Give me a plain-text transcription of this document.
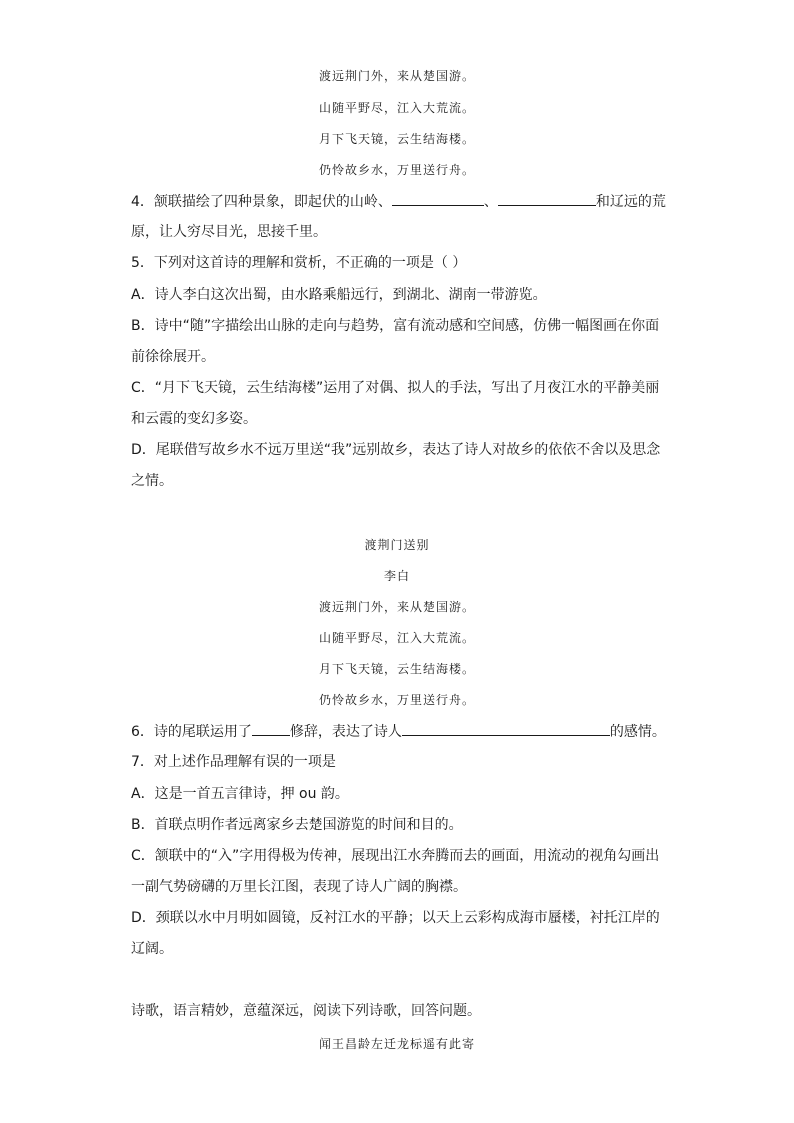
渡远荆门外，来从楚国游。
山随平野尽，江入大荒流。
月下飞天镜，云生结海楼。
仍怜故乡水，万里送行舟。
4．颔联描绘了四种景象，即起伏的山岭、	、	和辽远的荒
原，让人穷尽目光，思接千里。
5．下列对这首诗的理解和赏析，不正确的一项是（ ）
A．诗人李白这次出蜀，由水路乘船远行，到湖北、湖南一带游览。
B．诗中“随”字描绘出山脉的走向与趋势，富有流动感和空间感，仿佛一幅图画在你面
前徐徐展开。
C．“月下飞天镜，云生结海楼”运用了对偶、拟人的手法，写出了月夜江水的平静美丽
和云霞的变幻多姿。
D．尾联借写故乡水不远万里送“我”远别故乡，表达了诗人对故乡的依依不舍以及思念
之情。
渡荆门送别
李白
渡远荆门外，来从楚国游。
山随平野尽，江入大荒流。
月下飞天镜，云生结海楼。
仍怜故乡水，万里送行舟。
6．诗的尾联运用了	修辞，表达了诗人	的感情。
7．对上述作品理解有误的一项是
A．这是一首五言律诗，押 ou 韵。
B．首联点明作者远离家乡去楚国游览的时间和目的。
C．颔联中的“入”字用得极为传神，展现出江水奔腾而去的画面，用流动的视角勾画出
一副气势磅礴的万里长江图，表现了诗人广阔的胸襟。
D．颈联以水中月明如圆镜，反衬江水的平静；以天上云彩构成海市蜃楼，衬托江岸的
辽阔。
诗歌，语言精妙，意蕴深远，阅读下列诗歌，回答问题。
闻王昌龄左迁龙标遥有此寄
